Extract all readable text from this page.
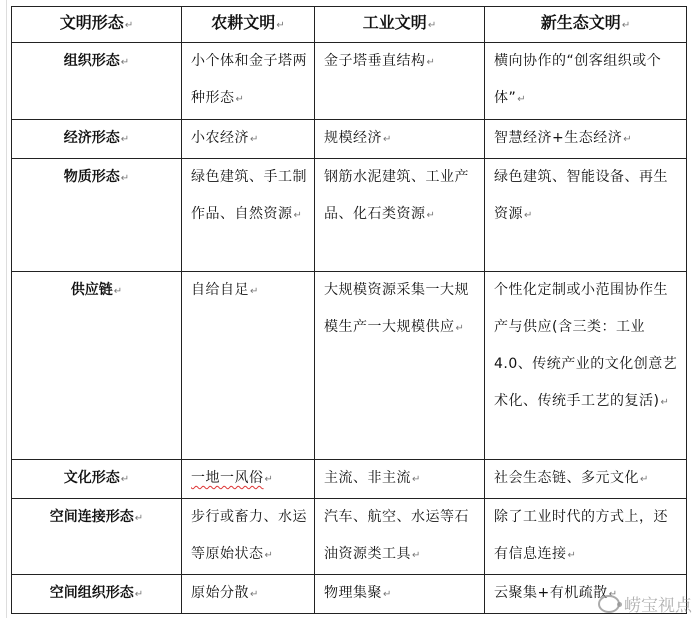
文明形态↵	农耕文明↵	工业文明↵	新生态文明↵
组织形态↵	小个体和金子塔两种形态↵	金子塔垂直结构↵	横向协作的“创客组织或个体”↵
经济形态↵	小农经济↵	规模经济↵	智慧经济+生态经济↵
物质形态↵	绿色建筑、手工制作品、自然资源↵	钢筋水泥建筑、工业产品、化石类资源↵	绿色建筑、智能设备、再生资源↵
供应链↵	自给自足↵	大规模资源采集一大规模生产一大规模供应↵	个性化定制或小范围协作生产与供应(含三类：工业4.0、传统产业的文化创意艺术化、传统手工艺的复活)↵
文化形态↵	一地一风俗↵	主流、非主流↵	社会生态链、多元文化↵
空间连接形态↵	步行或畜力、水运等原始状态↵	汽车、航空、水运等石油资源类工具↵	除了工业时代的方式上，还有信息连接↵
空间组织形态↵	原始分散↵	物理集聚↵	云聚集+有机疏散↵
崂宝视点
